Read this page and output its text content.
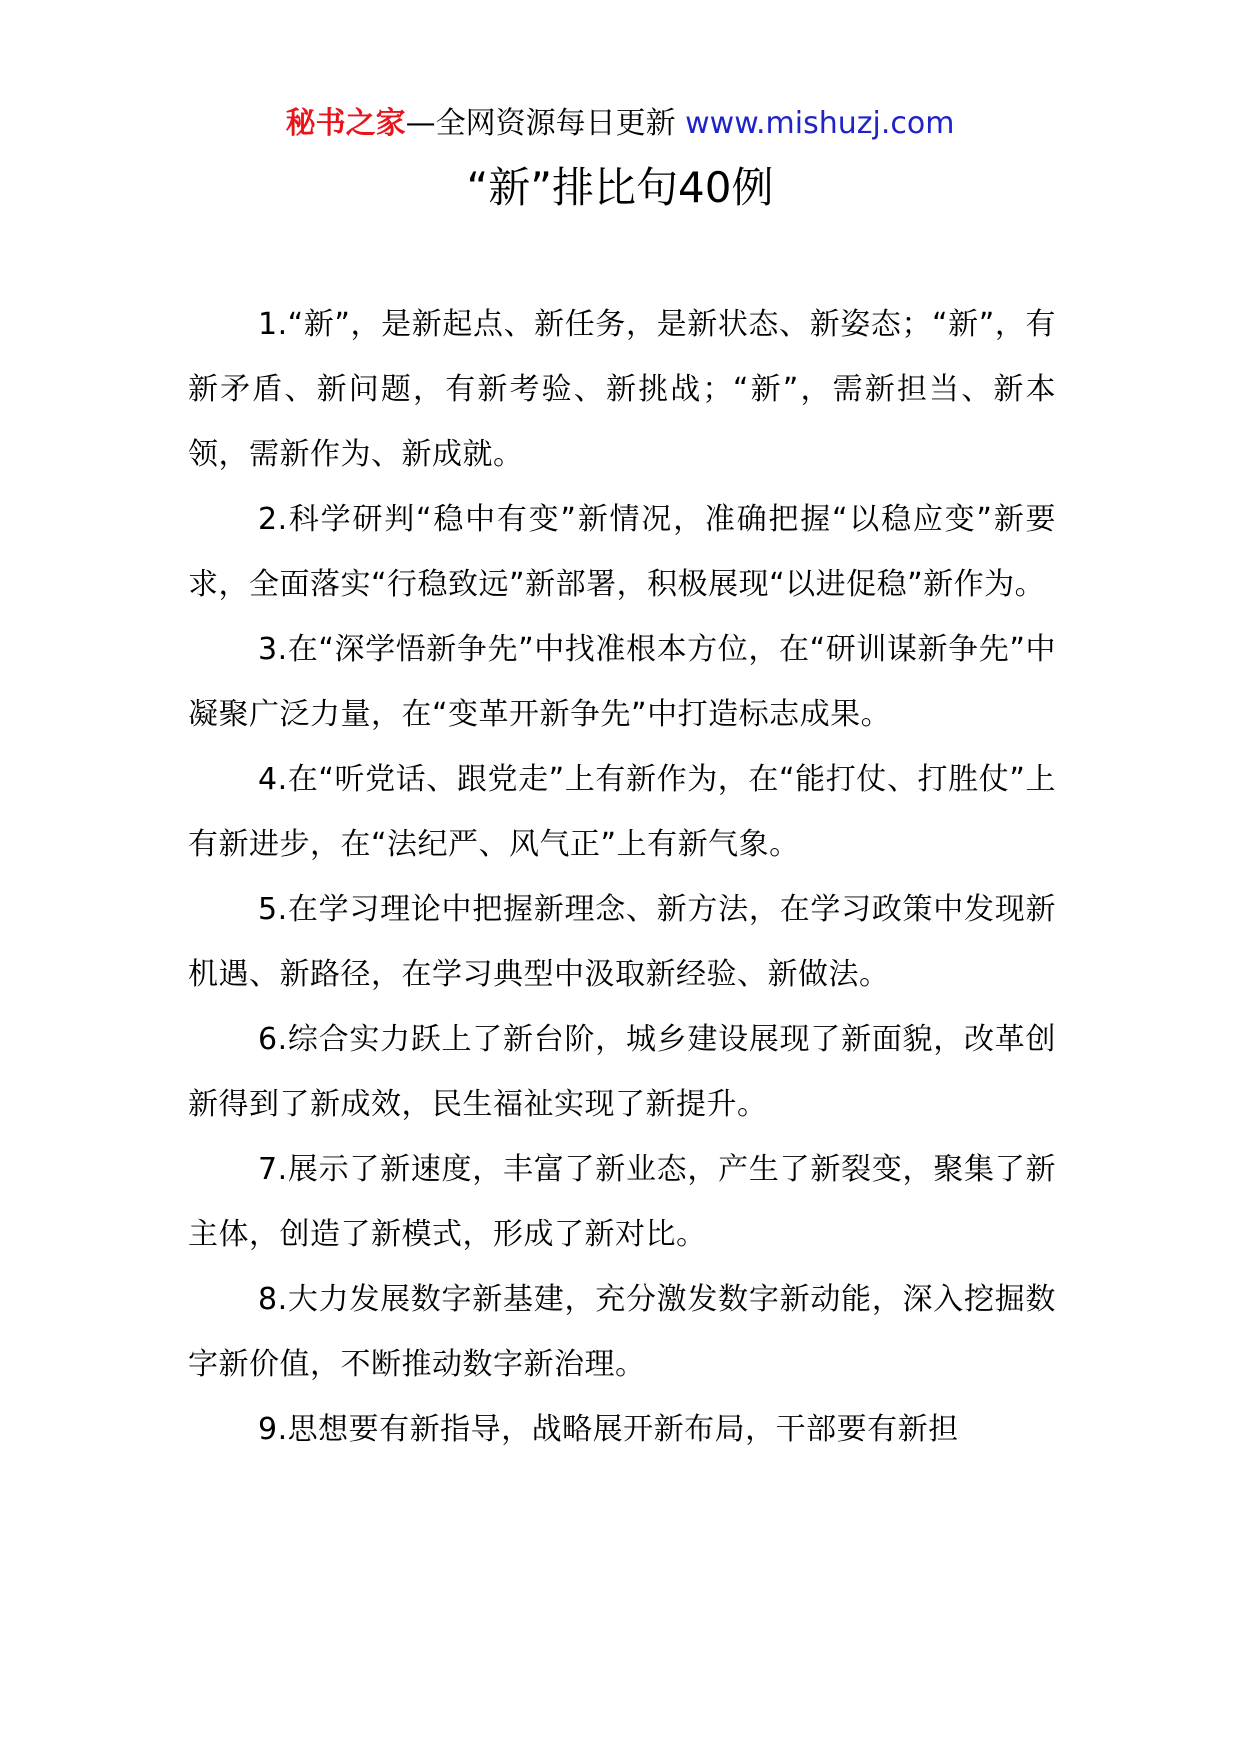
秘书之家—全网资源每日更新 www.mishuzj.com
“新”排比句40例

1.“新”，是新起点、新任务，是新状态、新姿态；“新”，有新矛盾、新问题，有新考验、新挑战；“新”，需新担当、新本领，需新作为、新成就。

2.科学研判“稳中有变”新情况，准确把握“以稳应变”新要求，全面落实“行稳致远”新部署，积极展现“以进促稳”新作为。

3.在“深学悟新争先”中找准根本方位，在“研训谋新争先”中凝聚广泛力量，在“变革开新争先”中打造标志成果。

4.在“听党话、跟党走”上有新作为，在“能打仗、打胜仗”上有新进步，在“法纪严、风气正”上有新气象。

5.在学习理论中把握新理念、新方法，在学习政策中发现新机遇、新路径，在学习典型中汲取新经验、新做法。

6.综合实力跃上了新台阶，城乡建设展现了新面貌，改革创新得到了新成效，民生福祉实现了新提升。

7.展示了新速度，丰富了新业态，产生了新裂变，聚集了新主体，创造了新模式，形成了新对比。

8.大力发展数字新基建，充分激发数字新动能，深入挖掘数字新价值，不断推动数字新治理。

9.思想要有新指导，战略展开新布局，干部要有新担
